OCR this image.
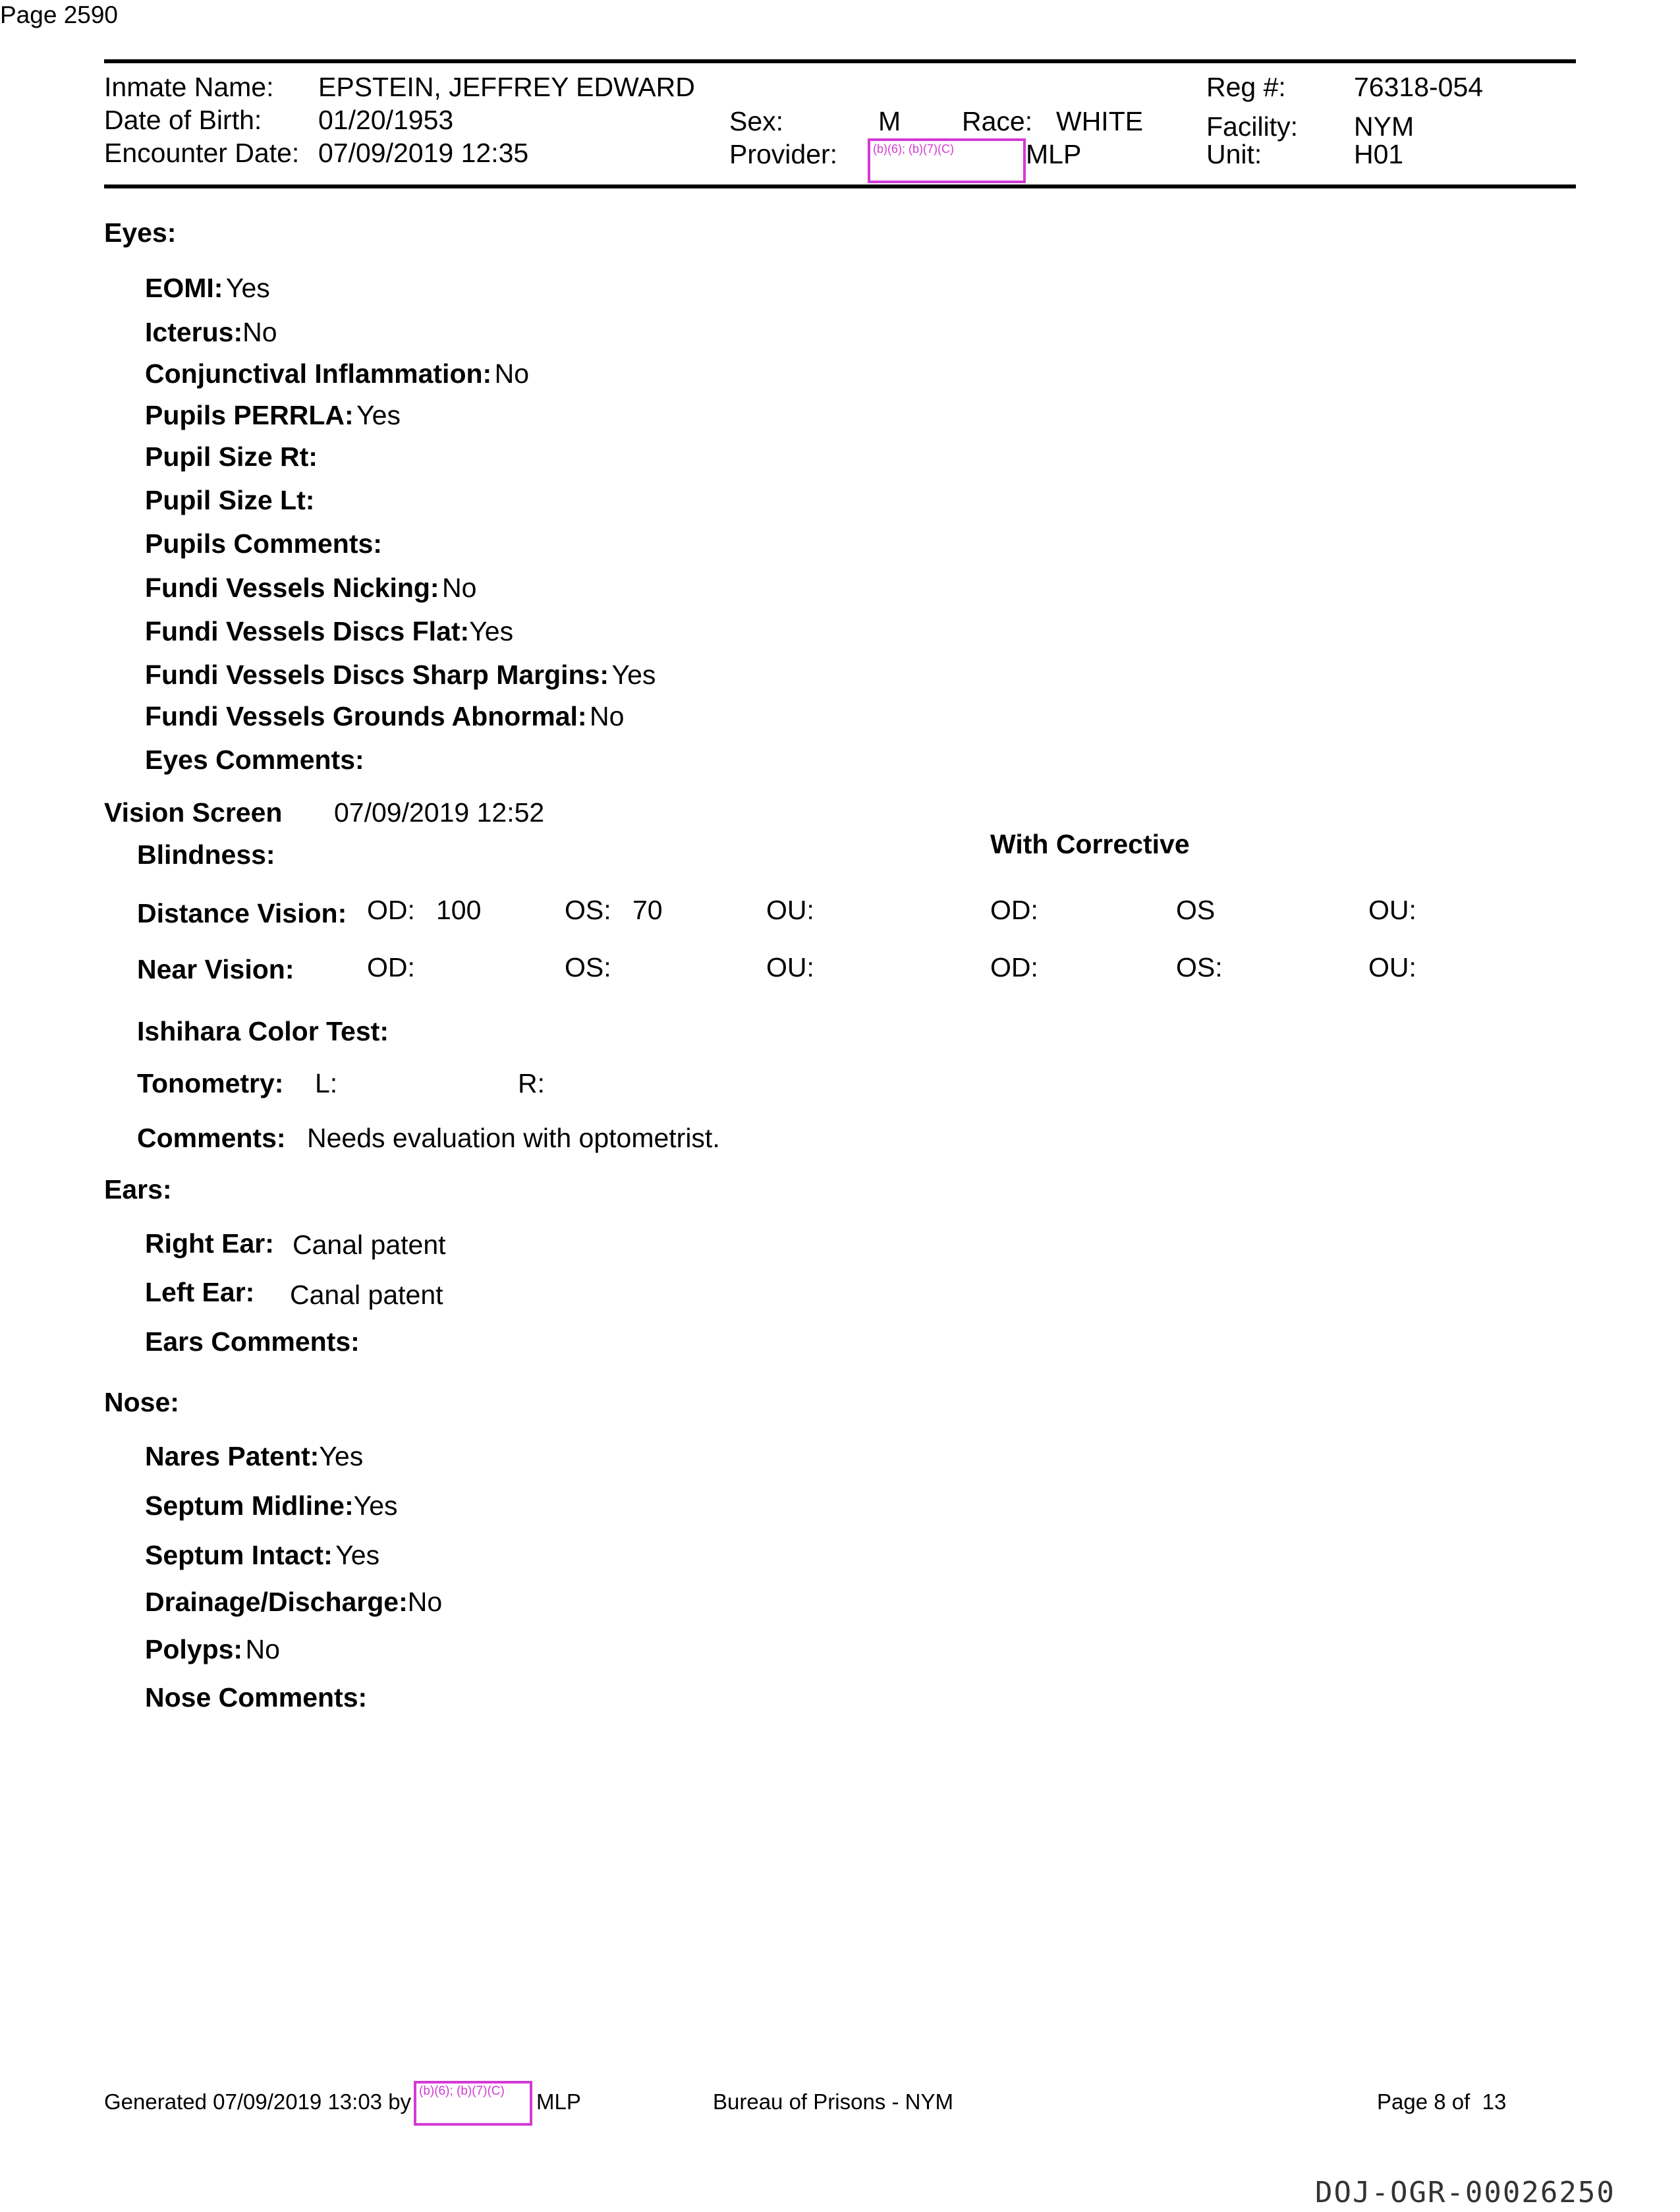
Page 2590
Inmate Name: EPSTEIN, JEFFREY EDWARD
Date of Birth: 01/20/1953
Encounter Date: 07/09/2019 12:35
Sex:	M Race: WHITE
Provider:	(b)(6); (b)(7)(C)	MLP
Reg #:	76318-054
Facility: NYM
Unit:	H01
Eyes:
EOMI: Yes
Icterus:No
Conjunctival Inflammation: No
Pupils PERRLA: Yes
Pupil Size Rt:
Pupil Size Lt:
Pupils Comments:
Fundi Vessels Nicking: No
Fundi Vessels Discs Flat:Yes
Fundi Vessels Discs Sharp Margins: Yes
Fundi Vessels Grounds Abnormal: No
Eyes Comments:
Vision Screen 07/09/2019 12:52
Blindness:	With Corrective
Distance Vision: OD: 100	OS: 70	OU:	OD:	OS	OU:
Near Vision:	OD:	OS:	OU:	OD:	OS:	OU:
Ishihara Color Test:
Tonometry: L:	R:
Comments: Needs evaluation with optometrist.
Ears:
Right Ear: Canal patent
Left Ear: Canal patent
Ears Comments:
Nose:
Nares Patent:Yes
Septum Midline:Yes
Septum Intact: Yes
Drainage/Discharge:No
Polyps: No
Nose Comments:
Generated 07/09/2019 13:03 by (b)(6); (b)(7)(C)	MLP	Bureau of Prisons - NYM	Page 8 of  13
DOJ-OGR-00026250
